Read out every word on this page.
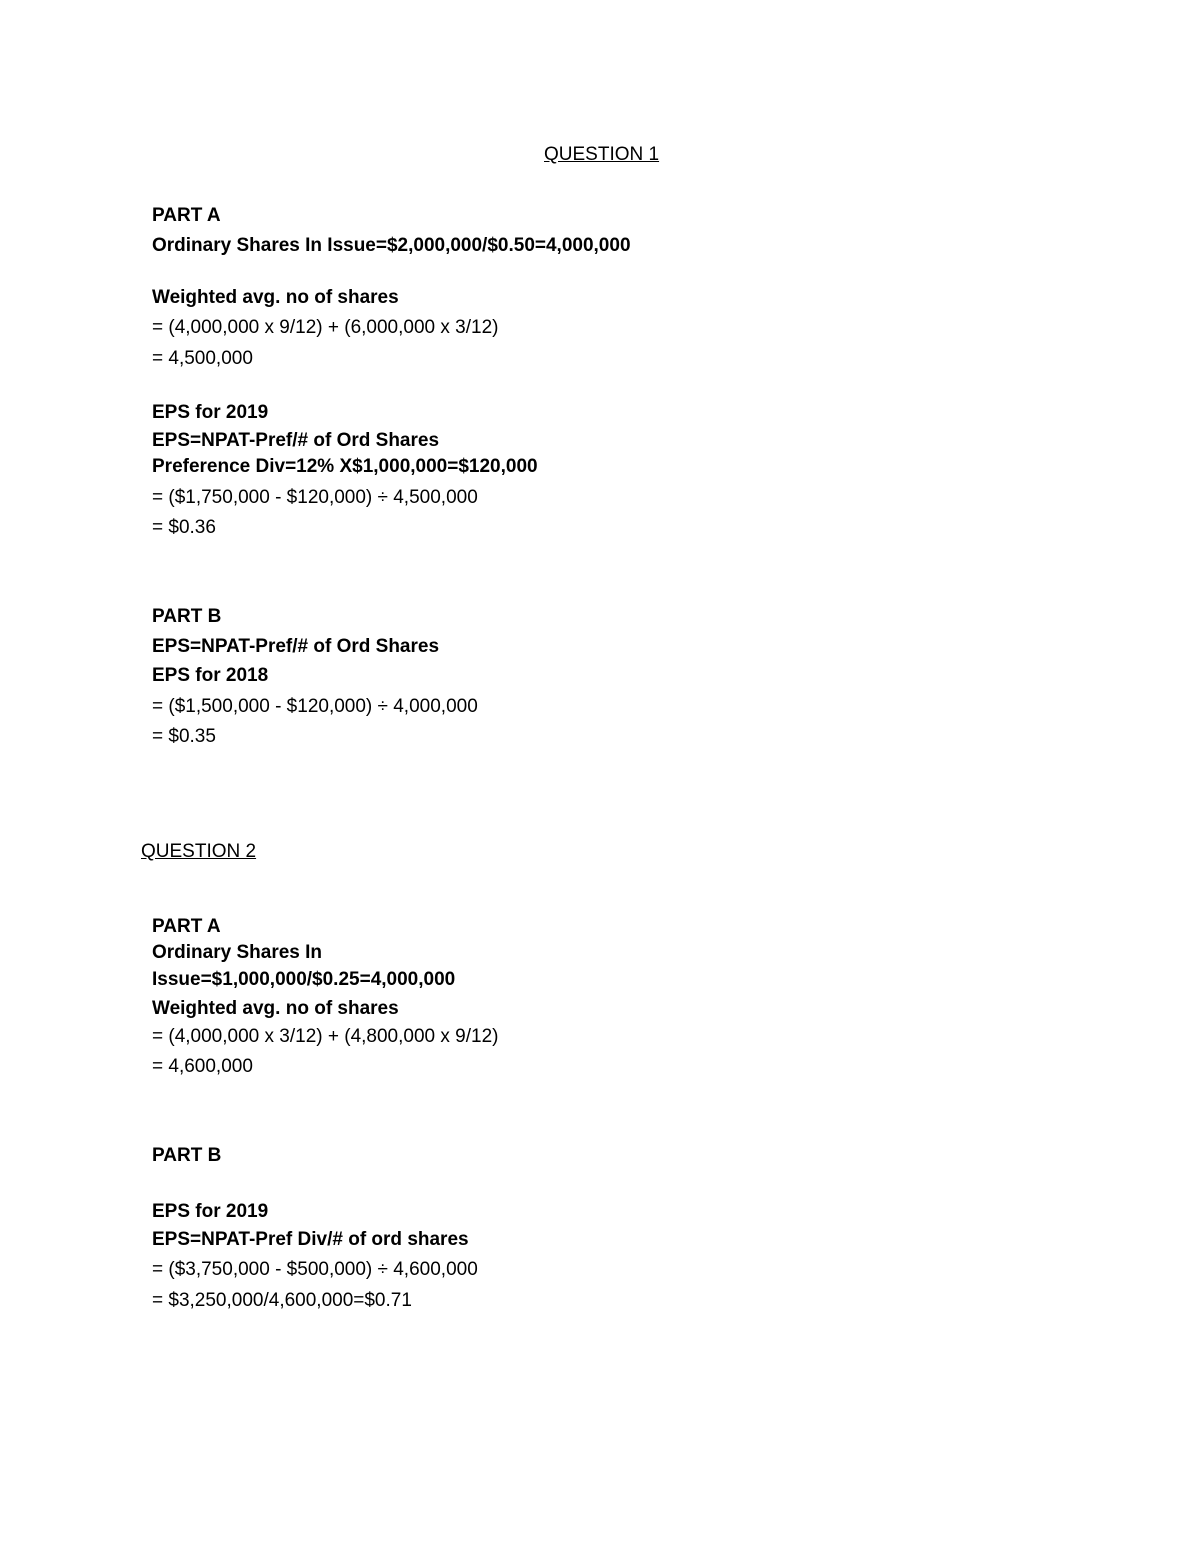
QUESTION 1
PART A
Ordinary Shares In Issue=$2,000,000/$0.50=4,000,000
Weighted avg. no of shares
= (4,000,000 x 9/12) + (6,000,000 x 3/12)
= 4,500,000
EPS for 2019
EPS=NPAT-Pref/# of Ord Shares
Preference Div=12% X$1,000,000=$120,000
= ($1,750,000 - $120,000) ÷ 4,500,000
= $0.36
PART B
EPS=NPAT-Pref/# of Ord Shares
EPS for 2018
= ($1,500,000 - $120,000) ÷ 4,000,000
= $0.35
QUESTION 2
PART A
Ordinary Shares In
Issue=$1,000,000/$0.25=4,000,000
Weighted avg. no of shares
= (4,000,000 x 3/12) + (4,800,000 x 9/12)
= 4,600,000
PART B
EPS for 2019
EPS=NPAT-Pref Div/# of ord shares
= ($3,750,000 - $500,000) ÷ 4,600,000
= $3,250,000/4,600,000=$0.71
